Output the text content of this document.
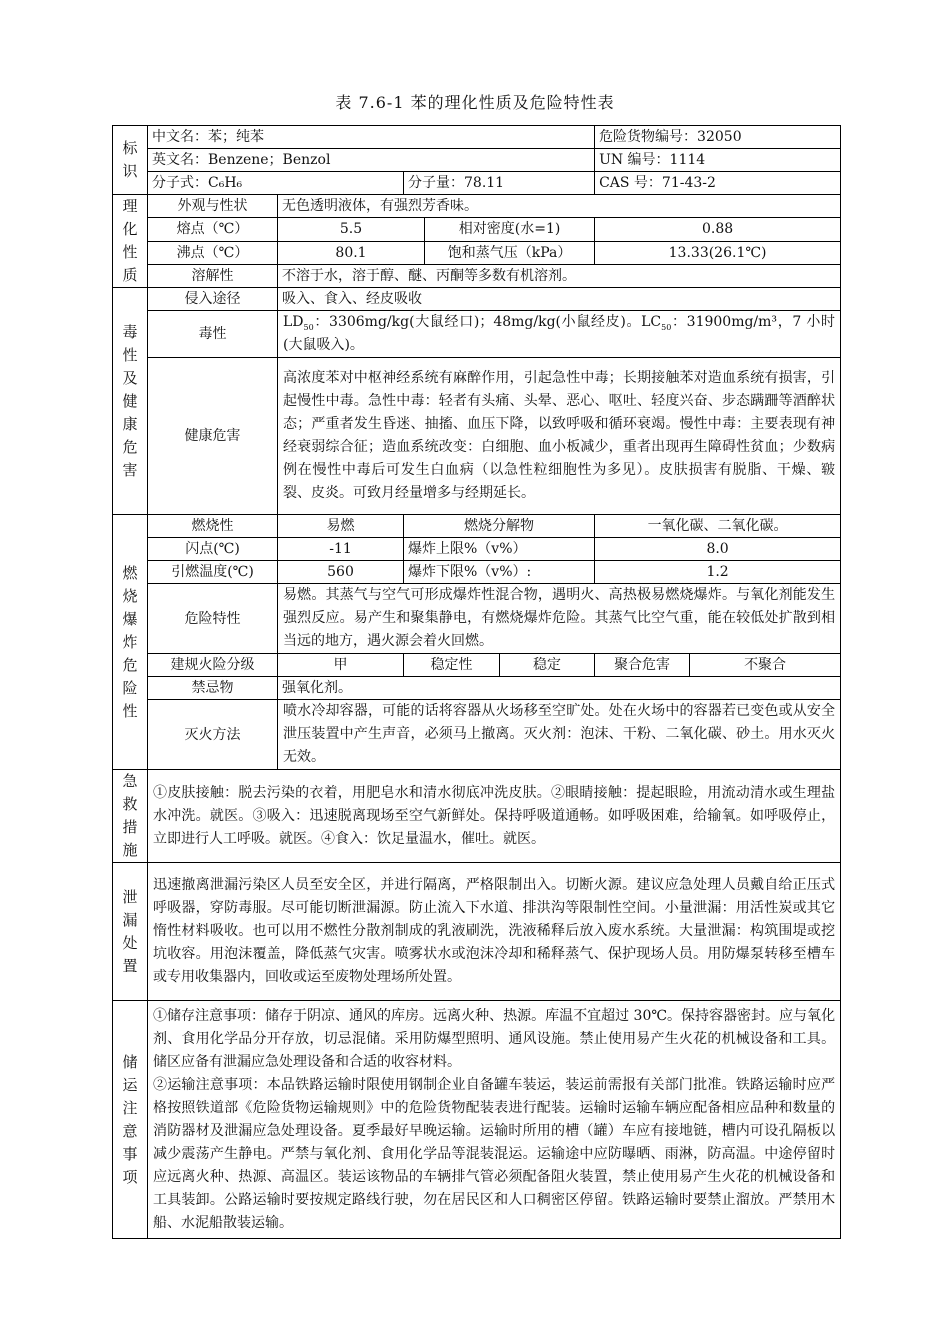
表 7.6-1 苯的理化性质及危险特性表
标识	中文名：苯；纯苯					危险货物编号：32050	
	英文名：Benzene；Benzol					UN 编号：1114	
	分子式：C₆H₆		分子量：78.11			CAS 号：71-43-2	
理化性质	外观与性状	无色透明液体，有强烈芳香味。					
	熔点（℃）	5.5		相对密度(水=1)		0.88	
	沸点（℃）	80.1		饱和蒸气压（kPa）		13.33(26.1℃)	
	溶解性	不溶于水，溶于醇、醚、丙酮等多数有机溶剂。					
毒性及健康危害	侵入途径	吸入、食入、经皮吸收					
	毒性	$LD_{50}$：3306mg/kg(大鼠经口)；48mg/kg(小鼠经皮)。$LC_{50}$：31900mg/m³，7 小时(大鼠吸入)。					
	健康危害	高浓度苯对中枢神经系统有麻醉作用，引起急性中毒；长期接触苯对造血系统有损害，引起慢性中毒。急性中毒：轻者有头痛、头晕、恶心、呕吐、轻度兴奋、步态蹒跚等酒醉状态；严重者发生昏迷、抽搐、血压下降，以致呼吸和循环衰竭。慢性中毒：主要表现有神经衰弱综合征；造血系统改变：白细胞、血小板减少，重者出现再生障碍性贫血；少数病例在慢性中毒后可发生白血病（以急性粒细胞性为多见）。皮肤损害有脱脂、干燥、皲裂、皮炎。可致月经量增多与经期延长。					
燃烧爆炸危险性	燃烧性	易燃	燃烧分解物			一氧化碳、二氧化碳。	
	闪点(℃)	-11	爆炸上限%（v%）			8.0	
	引燃温度(℃)	560	爆炸下限%（v%）:			1.2	
	危险特性	易燃。其蒸气与空气可形成爆炸性混合物，遇明火、高热极易燃烧爆炸。与氧化剂能发生强烈反应。易产生和聚集静电，有燃烧爆炸危险。其蒸气比空气重，能在较低处扩散到相当远的地方，遇火源会着火回燃。					
	建规火险分级	甲	稳定性		稳定	聚合危害	不聚合
	禁忌物	强氧化剂。					
	灭火方法	喷水冷却容器，可能的话将容器从火场移至空旷处。处在火场中的容器若已变色或从安全泄压装置中产生声音，必须马上撤离。灭火剂：泡沫、干粉、二氧化碳、砂土。用水灭火无效。					
急救措施	①皮肤接触：脱去污染的衣着，用肥皂水和清水彻底冲洗皮肤。②眼睛接触：提起眼睑，用流动清水或生理盐水冲洗。就医。③吸入：迅速脱离现场至空气新鲜处。保持呼吸道通畅。如呼吸困难，给输氧。如呼吸停止，立即进行人工呼吸。就医。④食入：饮足量温水，催吐。就医。						
泄漏处置	迅速撤离泄漏污染区人员至安全区，并进行隔离，严格限制出入。切断火源。建议应急处理人员戴自给正压式呼吸器，穿防毒服。尽可能切断泄漏源。防止流入下水道、排洪沟等限制性空间。小量泄漏：用活性炭或其它惰性材料吸收。也可以用不燃性分散剂制成的乳液刷洗，洗液稀释后放入废水系统。大量泄漏：构筑围堤或挖坑收容。用泡沫覆盖，降低蒸气灾害。喷雾状水或泡沫冷却和稀释蒸气、保护现场人员。用防爆泵转移至槽车或专用收集器内，回收或运至废物处理场所处置。						
储运注意事项	①储存注意事项：储存于阴凉、通风的库房。远离火种、热源。库温不宜超过 30℃。保持容器密封。应与氧化剂、食用化学品分开存放，切忌混储。采用防爆型照明、通风设施。禁止使用易产生火花的机械设备和工具。储区应备有泄漏应急处理设备和合适的收容材料。
②运输注意事项：本品铁路运输时限使用钢制企业自备罐车装运，装运前需报有关部门批准。铁路运输时应严格按照铁道部《危险货物运输规则》中的危险货物配装表进行配装。运输时运输车辆应配备相应品种和数量的消防器材及泄漏应急处理设备。夏季最好早晚运输。运输时所用的槽（罐）车应有接地链，槽内可设孔隔板以减少震荡产生静电。严禁与氧化剂、食用化学品等混装混运。运输途中应防曝晒、雨淋，防高温。中途停留时应远离火种、热源、高温区。装运该物品的车辆排气管必须配备阻火装置，禁止使用易产生火花的机械设备和工具装卸。公路运输时要按规定路线行驶，勿在居民区和人口稠密区停留。铁路运输时要禁止溜放。严禁用木船、水泥船散装运输。						
